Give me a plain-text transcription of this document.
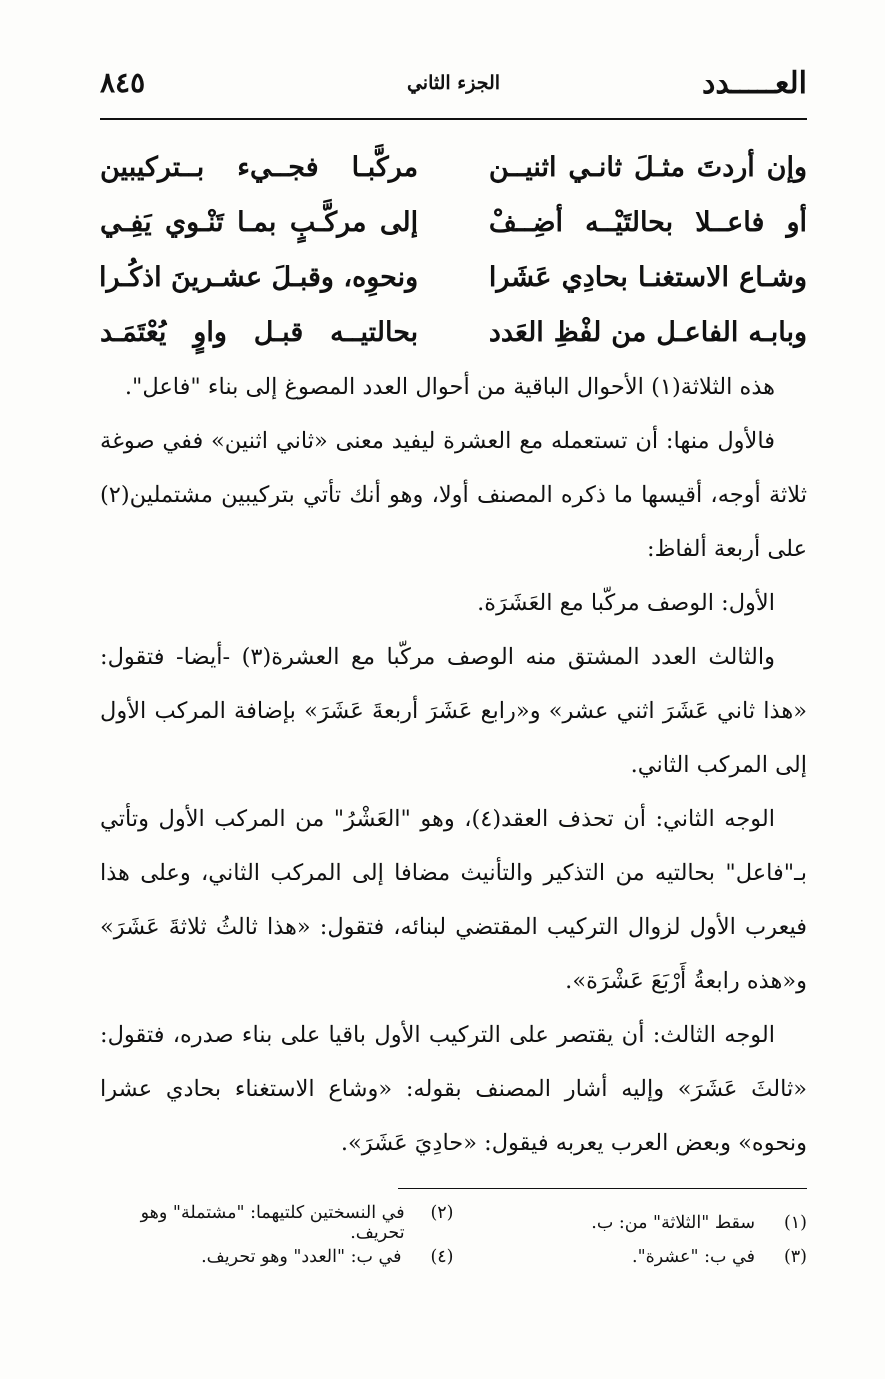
العـــــدد
الجزء الثاني
٨٤٥
وإن أردتَ مثـلَ ثانـي اثنيــن
مركَّبـا فجــيء بــتركيبين
أو فاعــلا بحالتَيْــه أضِــفْ
إلى مركَّـبٍ بمـا تَنْـوي يَفِـي
وشـاع الاستغنـا بحادِي عَشَرا
ونحوِه، وقبـلَ عشـرينَ اذكُـرا
وبابـه الفاعـل من لفْظِ العَدد
بحالتيــه قبـل واوٍ يُعْتَمَـد

هذه الثلاثة(١) الأحوال الباقية من أحوال العدد المصوغ إلى بناء "فاعل".

فالأول منها: أن تستعمله مع العشرة ليفيد معنى «ثاني اثنين» ففي صوغة ثلاثة أوجه، أقيسها ما ذكره المصنف أولا، وهو أنك تأتي بتركيبين مشتملين(٢) على أربعة ألفاظ:

الأول: الوصف مركّبا مع العَشَرَة.

والثالث العدد المشتق منه الوصف مركّبا مع العشرة(٣) -أيضا- فتقول: «هذا ثاني عَشَرَ اثني عشر» و«رابع عَشَرَ أربعةَ عَشَرَ» بإضافة المركب الأول إلى المركب الثاني.

الوجه الثاني: أن تحذف العقد(٤)، وهو "العَشْرُ" من المركب الأول وتأتي بـ"فاعل" بحالتيه من التذكير والتأنيث مضافا إلى المركب الثاني، وعلى هذا فيعرب الأول لزوال التركيب المقتضي لبنائه، فتقول: «هذا ثالثُ ثلاثةَ عَشَرَ» و«هذه رابعةُ أَرْبَعَ عَشْرَة».

الوجه الثالث: أن يقتصر على التركيب الأول باقيا على بناء صدره، فتقول: «ثالثَ عَشَرَ» وإليه أشار المصنف بقوله: «وشاع الاستغناء بحادي عشرا ونحوه» وبعض العرب يعربه فيقول: «حادِيَ عَشَرَ».

(١)
سقط "الثلاثة" من: ب.
(٢)
في النسختين كلتيهما: "مشتملة" وهو تحريف.
(٣)
في ب: "عشرة".
(٤)
في ب: "العدد" وهو تحريف.
